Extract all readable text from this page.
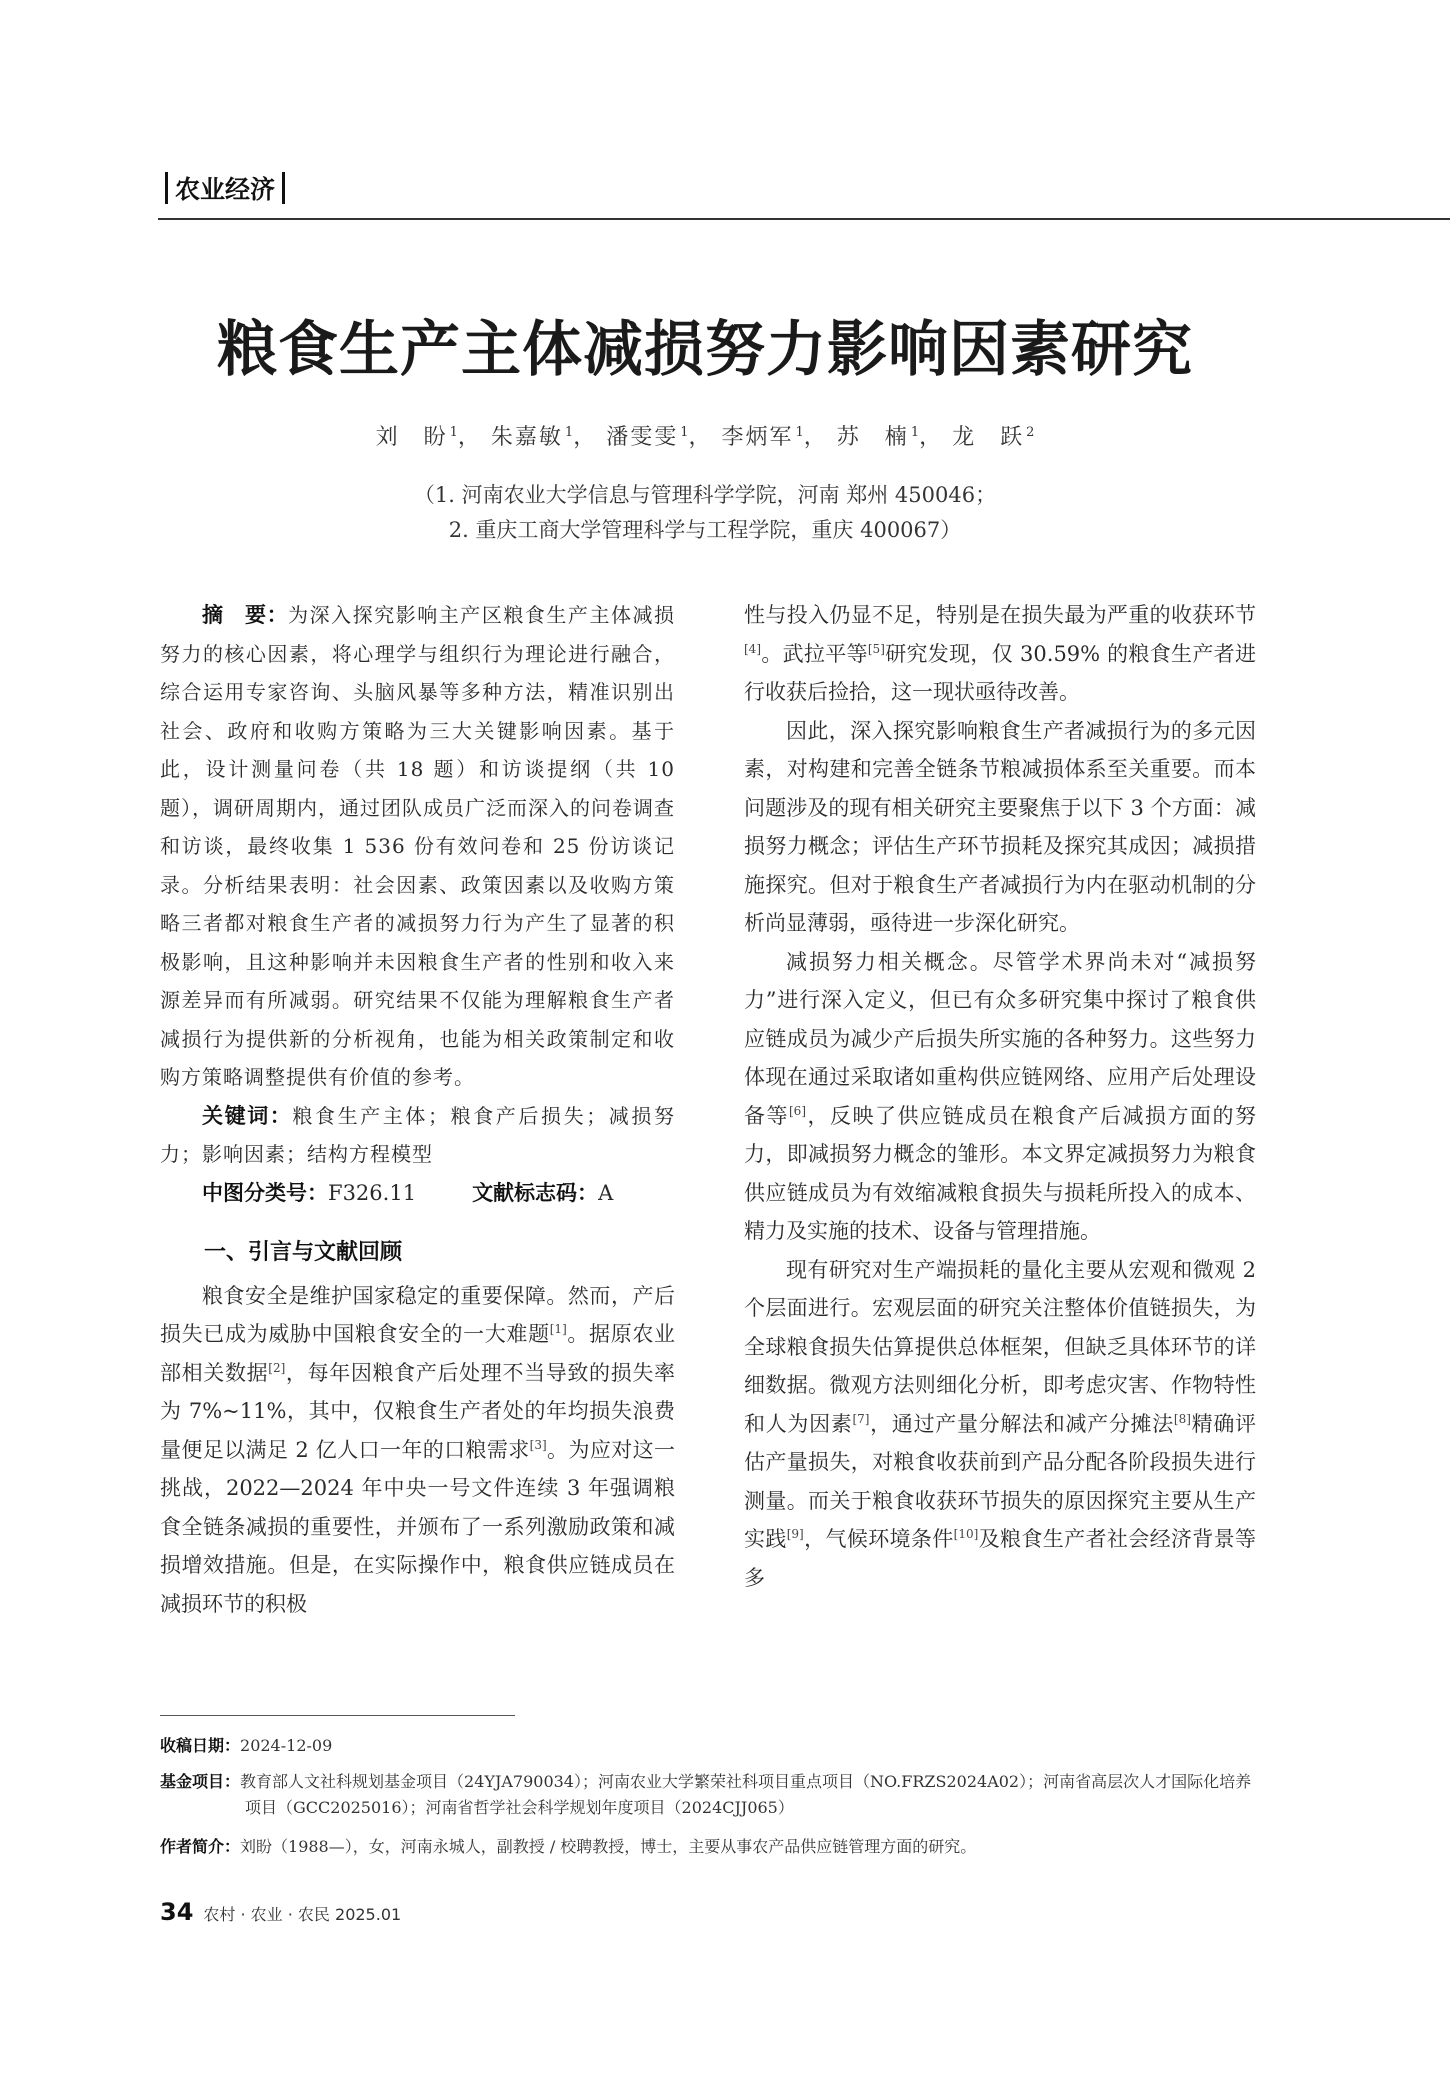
农业经济
粮食生产主体减损努力影响因素研究
刘　盼 $^1$， 朱嘉敏 $^1$， 潘雯雯 $^1$， 李炳军 $^1$， 苏　楠 $^1$， 龙　跃 $^2$
（1. 河南农业大学信息与管理科学学院，河南 郑州 450046；
2. 重庆工商大学管理科学与工程学院，重庆 400067）

摘　要：为深入探究影响主产区粮食生产主体减损努力的核心因素，将心理学与组织行为理论进行融合，综合运用专家咨询、头脑风暴等多种方法，精准识别出社会、政府和收购方策略为三大关键影响因素。基于此，设计测量问卷（共 18 题）和访谈提纲（共 10 题），调研周期内，通过团队成员广泛而深入的问卷调查和访谈，最终收集 1 536 份有效问卷和 25 份访谈记录。分析结果表明：社会因素、政策因素以及收购方策略三者都对粮食生产者的减损努力行为产生了显著的积极影响，且这种影响并未因粮食生产者的性别和收入来源差异而有所减弱。研究结果不仅能为理解粮食生产者减损行为提供新的分析视角，也能为相关政策制定和收购方策略调整提供有价值的参考。

关键词：粮食生产主体；粮食产后损失；减损努力；影响因素；结构方程模型

中图分类号： F326.11	文献标志码： A
一、引言与文献回顾

粮食安全是维护国家稳定的重要保障。然而，产后损失已成为威胁中国粮食安全的一大难题[1]。据原农业部相关数据[2]，每年因粮食产后处理不当导致的损失率为 7%~11%，其中，仅粮食生产者处的年均损失浪费量便足以满足 2 亿人口一年的口粮需求[3]。为应对这一挑战，2022—2024 年中央一号文件连续 3 年强调粮食全链条减损的重要性，并颁布了一系列激励政策和减损增效措施。但是，在实际操作中，粮食供应链成员在减损环节的积极

性与投入仍显不足，特别是在损失最为严重的收获环节[4]。武拉平等[5]研究发现，仅 30.59% 的粮食生产者进行收获后捡拾，这一现状亟待改善。

因此，深入探究影响粮食生产者减损行为的多元因素，对构建和完善全链条节粮减损体系至关重要。而本问题涉及的现有相关研究主要聚焦于以下 3 个方面：减损努力概念；评估生产环节损耗及探究其成因；减损措施探究。但对于粮食生产者减损行为内在驱动机制的分析尚显薄弱，亟待进一步深化研究。

减损努力相关概念。尽管学术界尚未对“减损努力”进行深入定义，但已有众多研究集中探讨了粮食供应链成员为减少产后损失所实施的各种努力。这些努力体现在通过采取诸如重构供应链网络、应用产后处理设备等[6]，反映了供应链成员在粮食产后减损方面的努力，即减损努力概念的雏形。本文界定减损努力为粮食供应链成员为有效缩减粮食损失与损耗所投入的成本、精力及实施的技术、设备与管理措施。

现有研究对生产端损耗的量化主要从宏观和微观 2 个层面进行。宏观层面的研究关注整体价值链损失，为全球粮食损失估算提供总体框架，但缺乏具体环节的详细数据。微观方法则细化分析，即考虑灾害、作物特性和人为因素[7]，通过产量分解法和减产分摊法[8]精确评估产量损失，对粮食收获前到产品分配各阶段损失进行测量。而关于粮食收获环节损失的原因探究主要从生产实践[9]，气候环境条件[10]及粮食生产者社会经济背景等多

收稿日期：2024-12-09
基金项目：教育部人文社科规划基金项目（24YJA790034）；河南农业大学繁荣社科项目重点项目（NO.FRZS2024A02）；河南省高层次人才国际化培养项目（GCC2025016）；河南省哲学社会科学规划年度项目（2024CJJ065）
作者简介：刘盼（1988—），女，河南永城人，副教授 / 校聘教授，博士，主要从事农产品供应链管理方面的研究。
34 农村 · 农业 · 农民 2025.01
